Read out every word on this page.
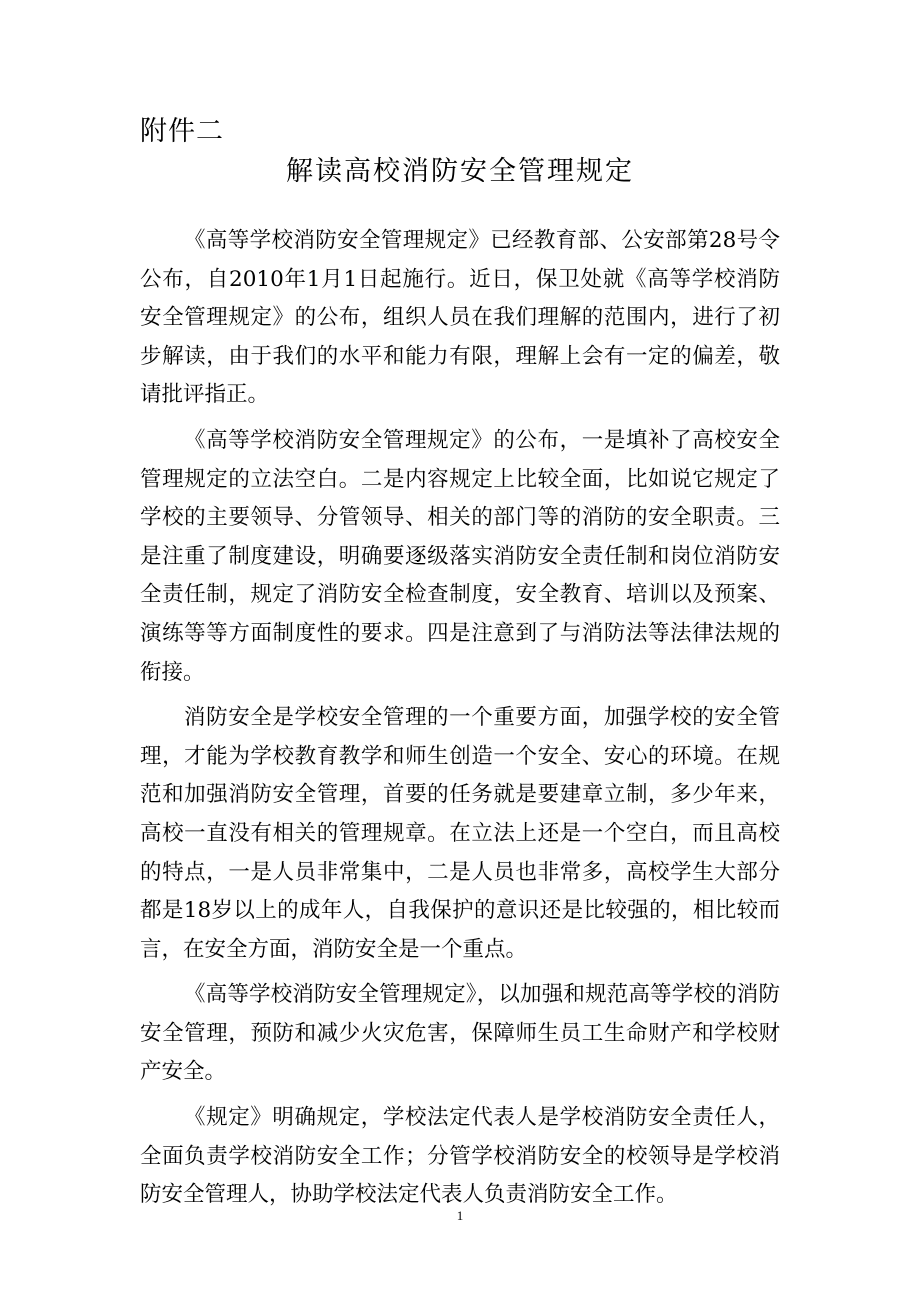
附件二
解读高校消防安全管理规定

《高等学校消防安全管理规定》已经教育部、公安部第28号令公布，自2010年1月1日起施行。近日，保卫处就《高等学校消防安全管理规定》的公布，组织人员在我们理解的范围内，进行了初步解读，由于我们的水平和能力有限，理解上会有一定的偏差，敬请批评指正。

《高等学校消防安全管理规定》的公布，一是填补了高校安全管理规定的立法空白。二是内容规定上比较全面，比如说它规定了学校的主要领导、分管领导、相关的部门等的消防的安全职责。三是注重了制度建设，明确要逐级落实消防安全责任制和岗位消防安全责任制，规定了消防安全检查制度，安全教育、培训以及预案、演练等等方面制度性的要求。四是注意到了与消防法等法律法规的衔接。

消防安全是学校安全管理的一个重要方面，加强学校的安全管理，才能为学校教育教学和师生创造一个安全、安心的环境。在规范和加强消防安全管理，首要的任务就是要建章立制，多少年来，高校一直没有相关的管理规章。在立法上还是一个空白，而且高校的特点，一是人员非常集中，二是人员也非常多，高校学生大部分都是18岁以上的成年人，自我保护的意识还是比较强的，相比较而言，在安全方面，消防安全是一个重点。

《高等学校消防安全管理规定》，以加强和规范高等学校的消防安全管理，预防和减少火灾危害，保障师生员工生命财产和学校财产安全。

《规定》明确规定，学校法定代表人是学校消防安全责任人，全面负责学校消防安全工作；分管学校消防安全的校领导是学校消防安全管理人，协助学校法定代表人负责消防安全工作。

1
